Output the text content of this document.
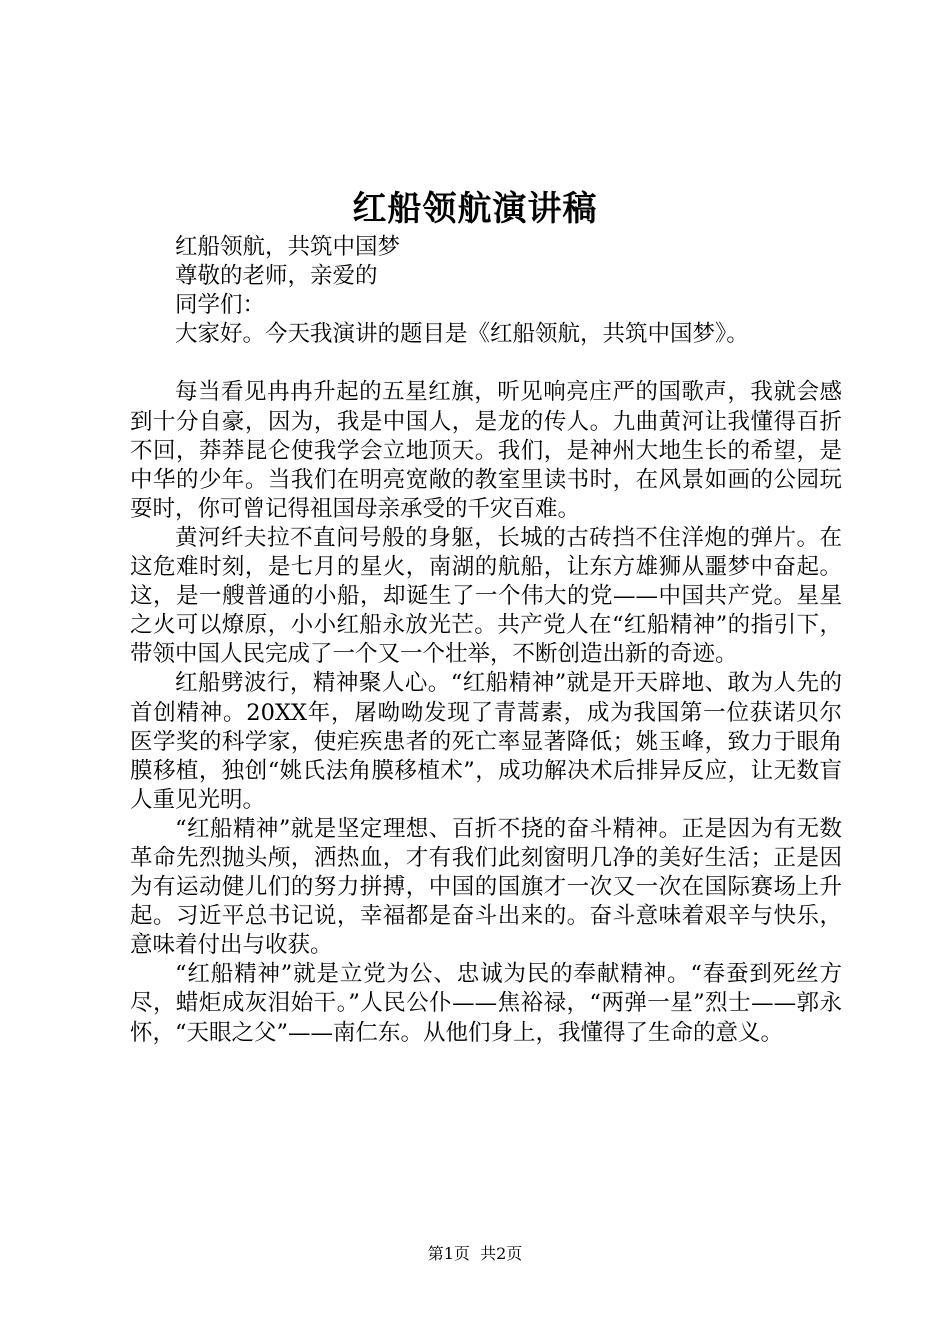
红船领航演讲稿

红船领航，共筑中国梦

尊敬的老师，亲爱的

同学们：

大家好。今天我演讲的题目是《红船领航，共筑中国梦》。

每当看见冉冉升起的五星红旗，听见响亮庄严的国歌声，我就会感到十分自豪，因为，我是中国人，是龙的传人。九曲黄河让我懂得百折不回，莽莽昆仑使我学会立地顶天。我们，是神州大地生长的希望，是中华的少年。当我们在明亮宽敞的教室里读书时，在风景如画的公园玩耍时，你可曾记得祖国母亲承受的千灾百难。

黄河纤夫拉不直问号般的身躯，长城的古砖挡不住洋炮的弹片。在这危难时刻，是七月的星火，南湖的航船，让东方雄狮从噩梦中奋起。这，是一艘普通的小船，却诞生了一个伟大的党——中国共产党。星星之火可以燎原，小小红船永放光芒。共产党人在“红船精神”的指引下，带领中国人民完成了一个又一个壮举，不断创造出新的奇迹。

红船劈波行，精神聚人心。“红船精神”就是开天辟地、敢为人先的首创精神。20XX年，屠呦呦发现了青蒿素，成为我国第一位获诺贝尔医学奖的科学家，使疟疾患者的死亡率显著降低；姚玉峰，致力于眼角膜移植，独创“姚氏法角膜移植术”，成功解决术后排异反应，让无数盲人重见光明。

“红船精神”就是坚定理想、百折不挠的奋斗精神。正是因为有无数革命先烈抛头颅，洒热血，才有我们此刻窗明几净的美好生活；正是因为有运动健儿们的努力拼搏，中国的国旗才一次又一次在国际赛场上升起。习近平总书记说，幸福都是奋斗出来的。奋斗意味着艰辛与快乐，意味着付出与收获。

“红船精神”就是立党为公、忠诚为民的奉献精神。“春蚕到死丝方尽，蜡炬成灰泪始干。”人民公仆——焦裕禄，“两弹一星”烈士——郭永怀，“天眼之父”——南仁东。从他们身上，我懂得了生命的意义。

第1页  共2页
